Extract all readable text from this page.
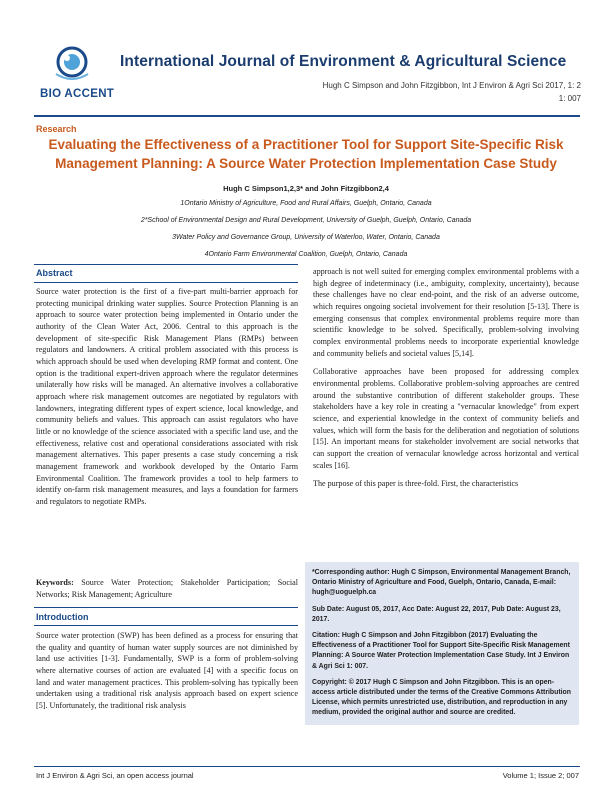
BIO ACCENT
International Journal of Environment & Agricultural Science
Hugh C Simpson and John Fitzgibbon, Int J Environ & Agri Sci 2017, 1: 2
1: 007
Research
Evaluating the Effectiveness of a Practitioner Tool for Support Site-Specific Risk Management Planning: A Source Water Protection Implementation Case Study
Hugh C Simpson1,2,3* and John Fitzgibbon2,4
1Ontario Ministry of Agriculture, Food and Rural Affairs, Guelph, Ontario, Canada
2*School of Environmental Design and Rural Development, University of Guelph, Guelph, Ontario, Canada
3Water Policy and Governance Group, University of Waterloo, Water, Ontario, Canada
4Ontario Farm Environmental Coalition, Guelph, Ontario, Canada
Abstract

Source water protection is the first of a five-part multi-barrier approach for protecting municipal drinking water supplies. Source Protection Planning is an approach to source water protection being implemented in Ontario under the authority of the Clean Water Act, 2006. Central to this approach is the development of site-specific Risk Management Plans (RMPs) between regulators and landowners. A critical problem associated with this process is which approach should be used when developing RMP format and content. One option is the traditional expert-driven approach where the regulator determines unilaterally how risks will be managed. An alternative involves a collaborative approach where risk management outcomes are negotiated by regulators with landowners, integrating different types of expert science, local knowledge, and community beliefs and values. This approach can assist regulators who have little or no knowledge of the science associated with a specific land use, and the effectiveness, relative cost and operational considerations associated with risk management alternatives. This paper presents a case study concerning a risk management framework and workbook developed by the Ontario Farm Environmental Coalition. The framework provides a tool to help farmers to identify on-farm risk management measures, and lays a foundation for farmers and regulators to negotiate RMPs.

Keywords: Source Water Protection; Stakeholder Participation; Social Networks; Risk Management; Agriculture
Introduction

Source water protection (SWP) has been defined as a process for ensuring that the quality and quantity of human water supply sources are not diminished by land use activities [1-3]. Fundamentally, SWP is a form of problem-solving where alternative courses of action are evaluated [4] with a specific focus on land and water management practices. This problem-solving has typically been undertaken using a traditional risk analysis approach based on expert science [5]. Unfortunately, the traditional risk analysis

approach is not well suited for emerging complex environmental problems with a high degree of indeterminacy (i.e., ambiguity, complexity, uncertainty), because these challenges have no clear end-point, and the risk of an adverse outcome, which requires ongoing societal involvement for their resolution [5-13]. There is emerging consensus that complex environmental problems require more than scientific knowledge to be solved. Specifically, problem-solving involving complex environmental problems needs to incorporate experiential knowledge and community beliefs and societal values [5,14].

Collaborative approaches have been proposed for addressing complex environmental problems. Collaborative problem-solving approaches are centred around the substantive contribution of different stakeholder groups. These stakeholders have a key role in creating a "vernacular knowledge" from expert science, and experiential knowledge in the context of community beliefs and values, which will form the basis for the deliberation and negotiation of solutions [15]. An important means for stakeholder involvement are social networks that can support the creation of vernacular knowledge across horizontal and vertical scales [16].

The purpose of this paper is three-fold. First, the characteristics

*Corresponding author: Hugh C Simpson, Environmental Management Branch, Ontario Ministry of Agriculture and Food, Guelph, Ontario, Canada, E-mail: hugh@uoguelph.ca

Sub Date: August 05, 2017, Acc Date: August 22, 2017, Pub Date: August 23, 2017.

Citation: Hugh C Simpson and John Fitzgibbon (2017) Evaluating the Effectiveness of a Practitioner Tool for Support Site-Specific Risk Management Planning: A Source Water Protection Implementation Case Study. Int J Environ & Agri Sci 1: 007.

Copyright: © 2017 Hugh C Simpson and John Fitzgibbon. This is an open-access article distributed under the terms of the Creative Commons Attribution License, which permits unrestricted use, distribution, and reproduction in any medium, provided the original author and source are credited.

Int J Environ & Agri Sci, an open access journal	Volume 1; Issue 2; 007
